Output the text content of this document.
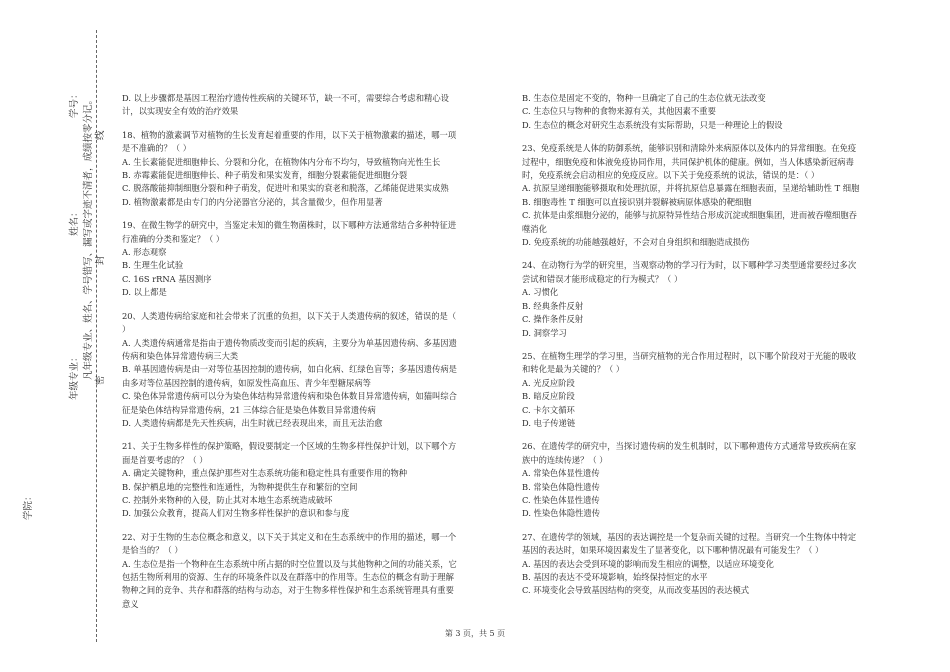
学号：
姓名： 凡年级专业、姓名、学号错写、漏写或字迹不清者，成绩按零分记。
年级专业：
学院：
线
封
密

D. 以上步骤都是基因工程治疗遗传性疾病的关键环节，缺一不可，需要综合考虑和精心设计，以实现安全有效的治疗效果

18、植物的激素调节对植物的生长发育起着重要的作用，以下关于植物激素的描述，哪一项是不准确的？（ ）

A. 生长素能促进细胞伸长、分裂和分化，在植物体内分布不均匀，导致植物向光性生长

B. 赤霉素能促进细胞伸长、种子萌发和果实发育，细胞分裂素能促进细胞分裂

C. 脱落酸能抑制细胞分裂和种子萌发，促进叶和果实的衰老和脱落，乙烯能促进果实成熟

D. 植物激素都是由专门的内分泌器官分泌的，其含量微少，但作用显著

19、在微生物学的研究中，当鉴定未知的微生物菌株时，以下哪种方法通常结合多种特征进行准确的分类和鉴定？（ ）

A. 形态观察

B. 生理生化试验

C. 16S rRNA 基因测序

D. 以上都是

20、人类遗传病给家庭和社会带来了沉重的负担，以下关于人类遗传病的叙述，错误的是（ ）

A. 人类遗传病通常是指由于遗传物质改变而引起的疾病，主要分为单基因遗传病、多基因遗传病和染色体异常遗传病三大类

B. 单基因遗传病是由一对等位基因控制的遗传病，如白化病、红绿色盲等；多基因遗传病是由多对等位基因控制的遗传病，如原发性高血压、青少年型糖尿病等

C. 染色体异常遗传病可以分为染色体结构异常遗传病和染色体数目异常遗传病，如猫叫综合征是染色体结构异常遗传病，21 三体综合征是染色体数目异常遗传病

D. 人类遗传病都是先天性疾病，出生时就已经表现出来，而且无法治愈

21、关于生物多样性的保护策略，假设要制定一个区域的生物多样性保护计划，以下哪个方面是首要考虑的？（ ）

A. 确定关键物种，重点保护那些对生态系统功能和稳定性具有重要作用的物种

B. 保护栖息地的完整性和连通性，为物种提供生存和繁衍的空间

C. 控制外来物种的入侵，防止其对本地生态系统造成破坏

D. 加强公众教育，提高人们对生物多样性保护的意识和参与度

22、对于生物的生态位概念和意义，以下关于其定义和在生态系统中的作用的描述，哪一个是恰当的？（ ）

A. 生态位是指一个物种在生态系统中所占据的时空位置以及与其他物种之间的功能关系，它包括生物所利用的资源、生存的环境条件以及在群落中的作用等。生态位的概念有助于理解物种之间的竞争、共存和群落的结构与动态，对于生物多样性保护和生态系统管理具有重要意义

B. 生态位是固定不变的，物种一旦确定了自己的生态位就无法改变

C. 生态位只与物种的食物来源有关，其他因素不重要

D. 生态位的概念对研究生态系统没有实际帮助，只是一种理论上的假设

23、免疫系统是人体的防御系统，能够识别和清除外来病原体以及体内的异常细胞。在免疫过程中，细胞免疫和体液免疫协同作用，共同保护机体的健康。例如，当人体感染新冠病毒时，免疫系统会启动相应的免疫反应。以下关于免疫系统的说法，错误的是：（ ）

A. 抗原呈递细胞能够摄取和处理抗原，并将抗原信息暴露在细胞表面，呈递给辅助性 T 细胞

B. 细胞毒性 T 细胞可以直接识别并裂解被病原体感染的靶细胞

C. 抗体是由浆细胞分泌的，能够与抗原特异性结合形成沉淀或细胞集团，进而被吞噬细胞吞噬消化

D. 免疫系统的功能越强越好，不会对自身组织和细胞造成损伤

24、在动物行为学的研究里，当观察动物的学习行为时，以下哪种学习类型通常要经过多次尝试和错误才能形成稳定的行为模式？（ ）

A. 习惯化

B. 经典条件反射

C. 操作条件反射

D. 洞察学习

25、在植物生理学的学习里，当研究植物的光合作用过程时，以下哪个阶段对于光能的吸收和转化是最为关键的？（ ）

A. 光反应阶段

B. 暗反应阶段

C. 卡尔文循环

D. 电子传递链

26、在遗传学的研究中，当探讨遗传病的发生机制时，以下哪种遗传方式通常导致疾病在家族中的连续传递？（ ）

A. 常染色体显性遗传

B. 常染色体隐性遗传

C. 性染色体显性遗传

D. 性染色体隐性遗传

27、在遗传学的领域，基因的表达调控是一个复杂而关键的过程。当研究一个生物体中特定基因的表达时，如果环境因素发生了显著变化，以下哪种情况最有可能发生？（ ）

A. 基因的表达会受到环境的影响而发生相应的调整，以适应环境变化

B. 基因的表达不受环境影响，始终保持恒定的水平

C. 环境变化会导致基因结构的突变，从而改变基因的表达模式

第 3 页，共 5 页
